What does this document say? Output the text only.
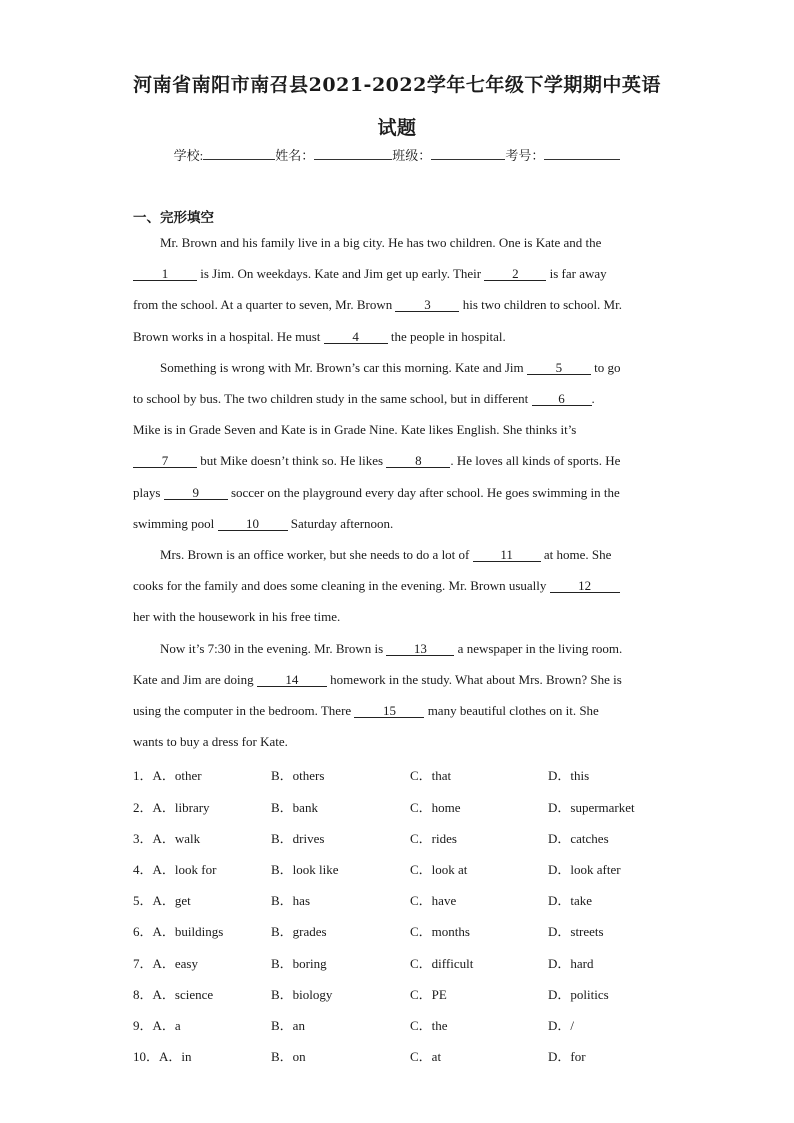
河南省南阳市南召县2021-2022学年七年级下学期期中英语
试题
学校:	姓名：	班级：	考号：
一、完形填空
Mr. Brown and his family live in a big city. He has two children. One is Kate and the
1 is Jim. On weekdays. Kate and Jim get up early. Their 2 is far away
from the school. At a quarter to seven, Mr. Brown 3 his two children to school. Mr.
Brown works in a hospital. He must 4 the people in hospital.
Something is wrong with Mr. Brown’s car this morning. Kate and Jim 5 to go
to school by bus. The two children study in the same school, but in different 6 .
Mike is in Grade Seven and Kate is in Grade Nine. Kate likes English. She thinks it’s
7 but Mike doesn’t think so. He likes 8 . He loves all kinds of sports. He
plays 9 soccer on the playground every day after school. He goes swimming in the
swimming pool 10 Saturday afternoon.
Mrs. Brown is an office worker, but she needs to do a lot of 11 at home. She
cooks for the family and does some cleaning in the evening. Mr. Brown usually 12
her with the housework in his free time.
Now it’s 7:30 in the evening. Mr. Brown is 13 a newspaper in the living room.
Kate and Jim are doing 14 homework in the study. What about Mrs. Brown? She is
using the computer in the bedroom. There 15 many beautiful clothes on it. She
wants to buy a dress for Kate.
1．A．other	B．others	C．that	D．this
2．A．library	B．bank	C．home	D．supermarket
3．A．walk	B．drives	C．rides	D．catches
4．A．look for	B．look like	C．look at	D．look after
5．A．get	B．has	C．have	D．take
6．A．buildings	B．grades	C．months	D．streets
7．A．easy	B．boring	C．difficult	D．hard
8．A．science	B．biology	C．PE	D．politics
9．A．a	B．an	C．the	D．/
10．A．in	B．on	C．at	D．for
